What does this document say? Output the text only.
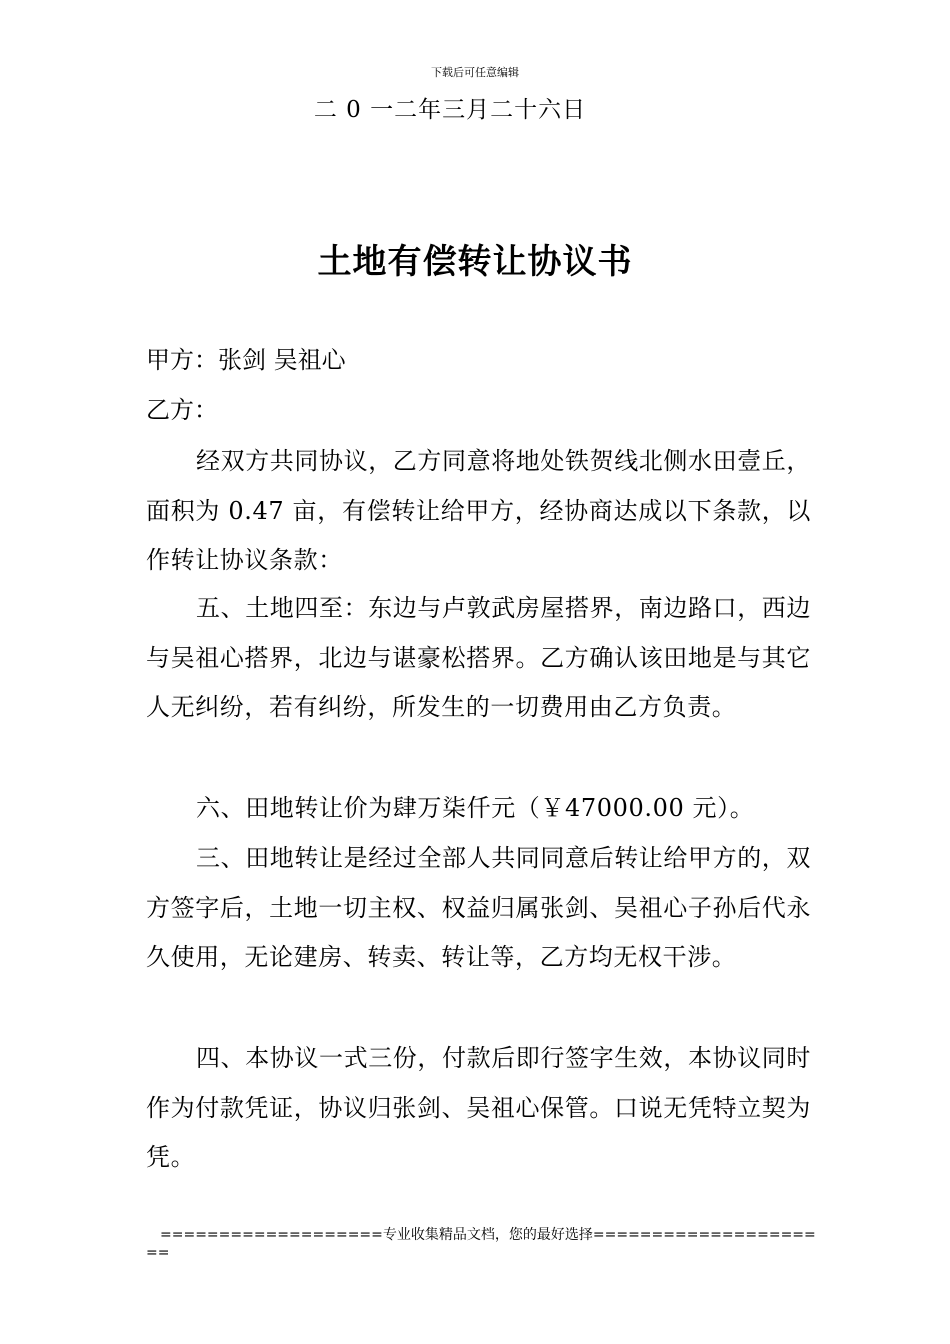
下载后可任意编辑
二 0 一二年三月二十六日
土地有偿转让协议书
甲方：张剑 吴祖心
乙方：
经双方共同协议，乙方同意将地处铁贺线北侧水田壹丘，面积为 0.47 亩，有偿转让给甲方，经协商达成以下条款，以作转让协议条款：
五、土地四至：东边与卢敦武房屋搭界，南边路口，西边与吴祖心搭界，北边与谌豪松搭界。乙方确认该田地是与其它人无纠纷，若有纠纷，所发生的一切费用由乙方负责。
六、田地转让价为肆万柒仟元（￥47000.00 元）。
三、田地转让是经过全部人共同同意后转让给甲方的，双方签字后，土地一切主权、权益归属张剑、吴祖心子孙后代永久使用，无论建房、转卖、转让等，乙方均无权干涉。
四、本协议一式三份，付款后即行签字生效，本协议同时作为付款凭证，协议归张剑、吴祖心保管。口说无凭特立契为凭。
===================专业收集精品文档，您的最好选择=====================
